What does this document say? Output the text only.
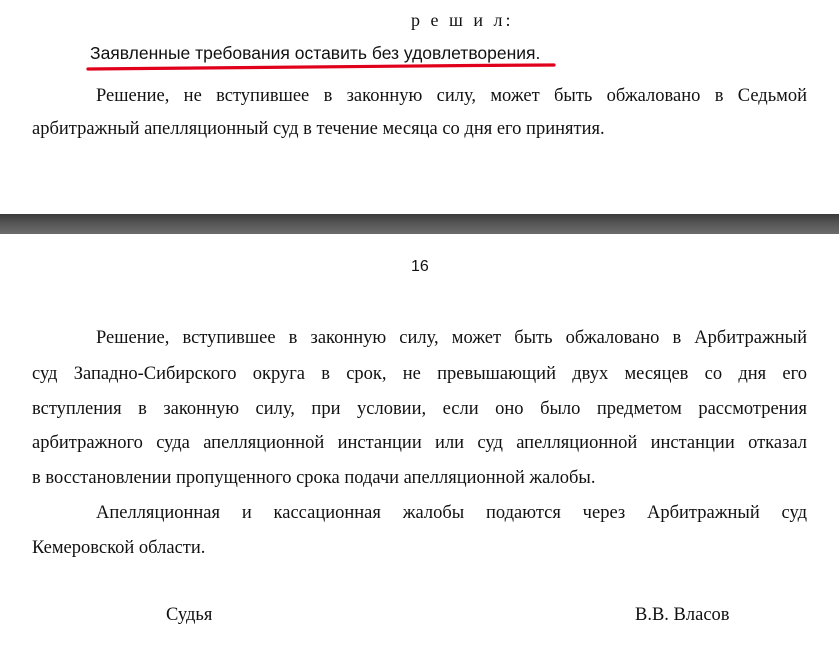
р е ш и л:
Заявленные требования оставить без удовлетворения.
Решение, не вступившее в законную силу, может быть обжаловано в Седьмой
арбитражный апелляционный суд в течение месяца со дня его принятия.
16
Решение, вступившее в законную силу, может быть обжаловано в Арбитражный
суд Западно-Сибирского округа в срок, не превышающий двух месяцев со дня его
вступления в законную силу, при условии, если оно было предметом рассмотрения
арбитражного суда апелляционной инстанции или суд апелляционной инстанции отказал
в восстановлении пропущенного срока подачи апелляционной жалобы.
Апелляционная и кассационная жалобы подаются через Арбитражный суд
Кемеровской области.
Судья	В.В. Власов
